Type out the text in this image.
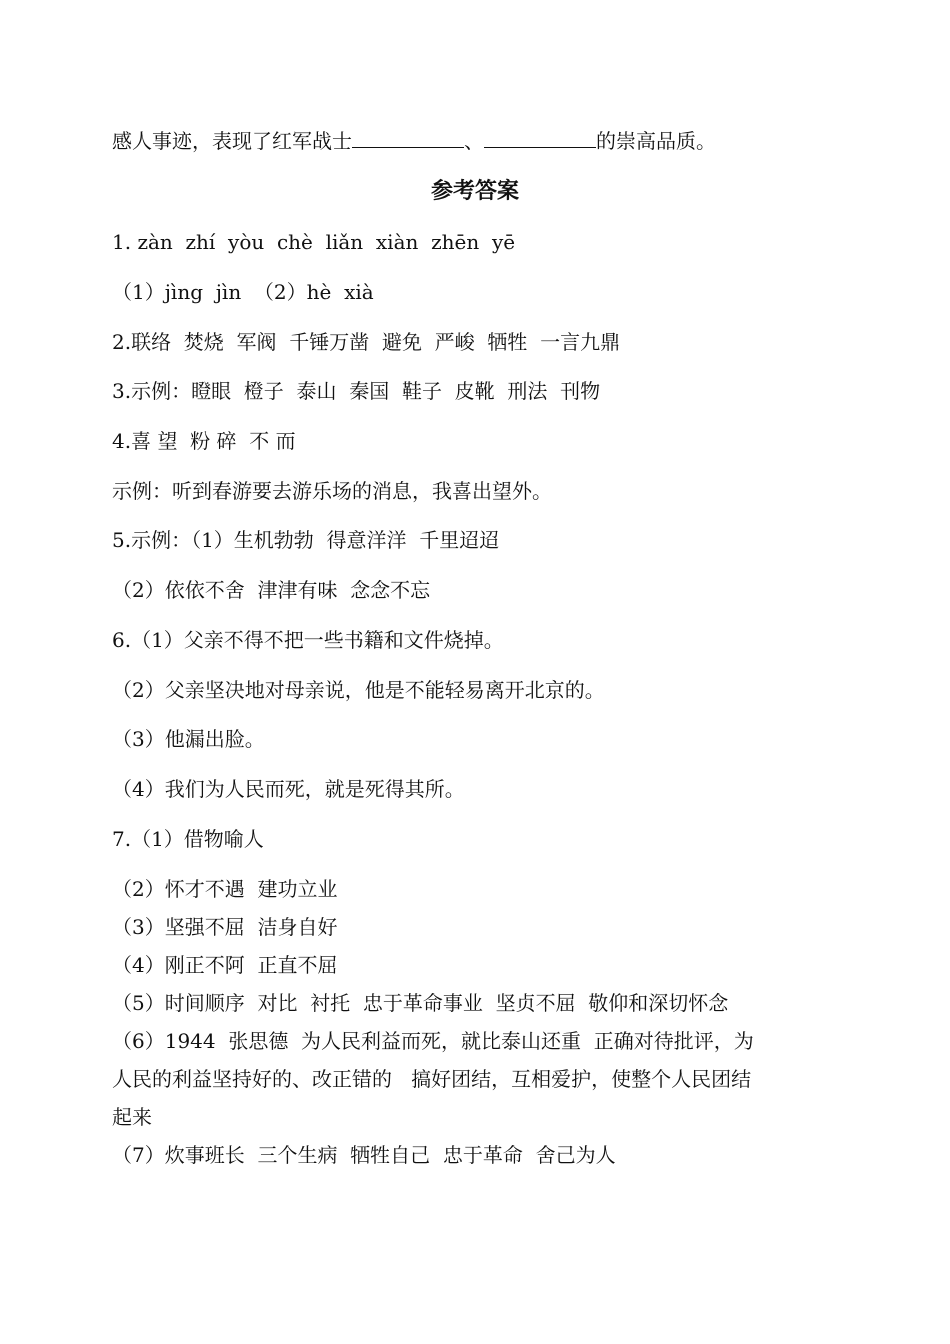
感人事迹，表现了红军战士	、	的崇高品质。
参考答案
1. zàn  zhí  yòu  chè  liǎn  xiàn  zhēn  yē
（1）jìng  jìn  （2）hè  xià
2.联络  焚烧  军阀  千锤万凿  避免  严峻  牺牲  一言九鼎
3.示例：瞪眼  橙子  泰山  秦国  鞋子  皮靴  刑法  刊物
4.喜 望  粉 碎  不 而
示例：听到春游要去游乐场的消息，我喜出望外。
5.示例：（1）生机勃勃  得意洋洋  千里迢迢
（2）依依不舍  津津有味  念念不忘
6.（1）父亲不得不把一些书籍和文件烧掉。
（2）父亲坚决地对母亲说，他是不能轻易离开北京的。
（3）他漏出脸。
（4）我们为人民而死，就是死得其所。
7.（1）借物喻人
（2）怀才不遇  建功立业
（3）坚强不屈  洁身自好
（4）刚正不阿  正直不屈
（5）时间顺序  对比  衬托  忠于革命事业  坚贞不屈  敬仰和深切怀念
（6）1944  张思德  为人民利益而死，就比泰山还重  正确对待批评，为
人民的利益坚持好的、改正错的   搞好团结，互相爱护，使整个人民团结
起来
（7）炊事班长  三个生病  牺牲自己  忠于革命  舍己为人
